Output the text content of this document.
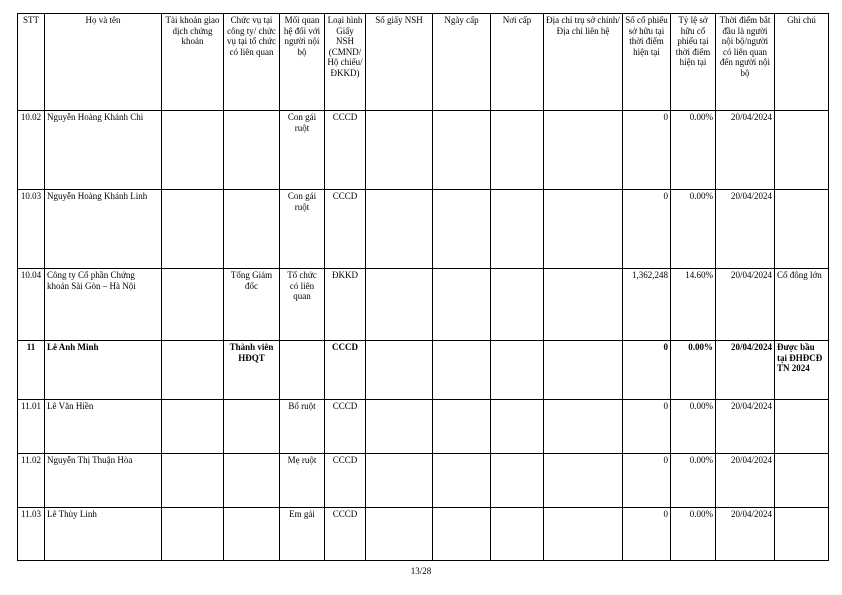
STT	Họ và tên	Tài khoản giao dịch chứng khoán	Chức vụ tại công ty/ chức vụ tại tổ chức có liên quan	Mối quan hệ đối với người nội bộ	Loại hình Giấy NSH (CMND/ Hộ chiếu/ ĐKKD)	Số giấy NSH	Ngày cấp	Nơi cấp	Địa chỉ trụ sở chính/Địa chỉ liên hệ	Số cổ phiếu sở hữu tại thời điểm hiện tại	Tỷ lệ sở hữu cổ phiếu tại thời điểm hiện tại	Thời điểm bắt đầu là người nội bộ/người có liên quan đến người nội bộ	Ghi chú
10.02	Nguyễn Hoàng Khánh Chi			Con gái ruột	CCCD					0	0.00%	20/04/2024	
10.03	Nguyễn Hoàng Khánh Linh			Con gái ruột	CCCD					0	0.00%	20/04/2024	
10.04	Công ty Cổ phần Chứng khoán Sài Gòn – Hà Nội		Tổng Giám đốc	Tổ chức có liên quan	ĐKKD					1,362,248	14.60%	20/04/2024	Cổ đông lớn
11	Lê Anh Minh		Thành viên HĐQT		CCCD					0	0.00%	20/04/2024	Được bầu tại ĐHĐCĐ TN 2024
11.01	Lê Văn Hiền			Bố ruột	CCCD					0	0.00%	20/04/2024	
11.02	Nguyễn Thị Thuận Hòa			Mẹ ruột	CCCD					0	0.00%	20/04/2024	
11.03	Lê Thùy Linh			Em gái	CCCD					0	0.00%	20/04/2024	
13/28
